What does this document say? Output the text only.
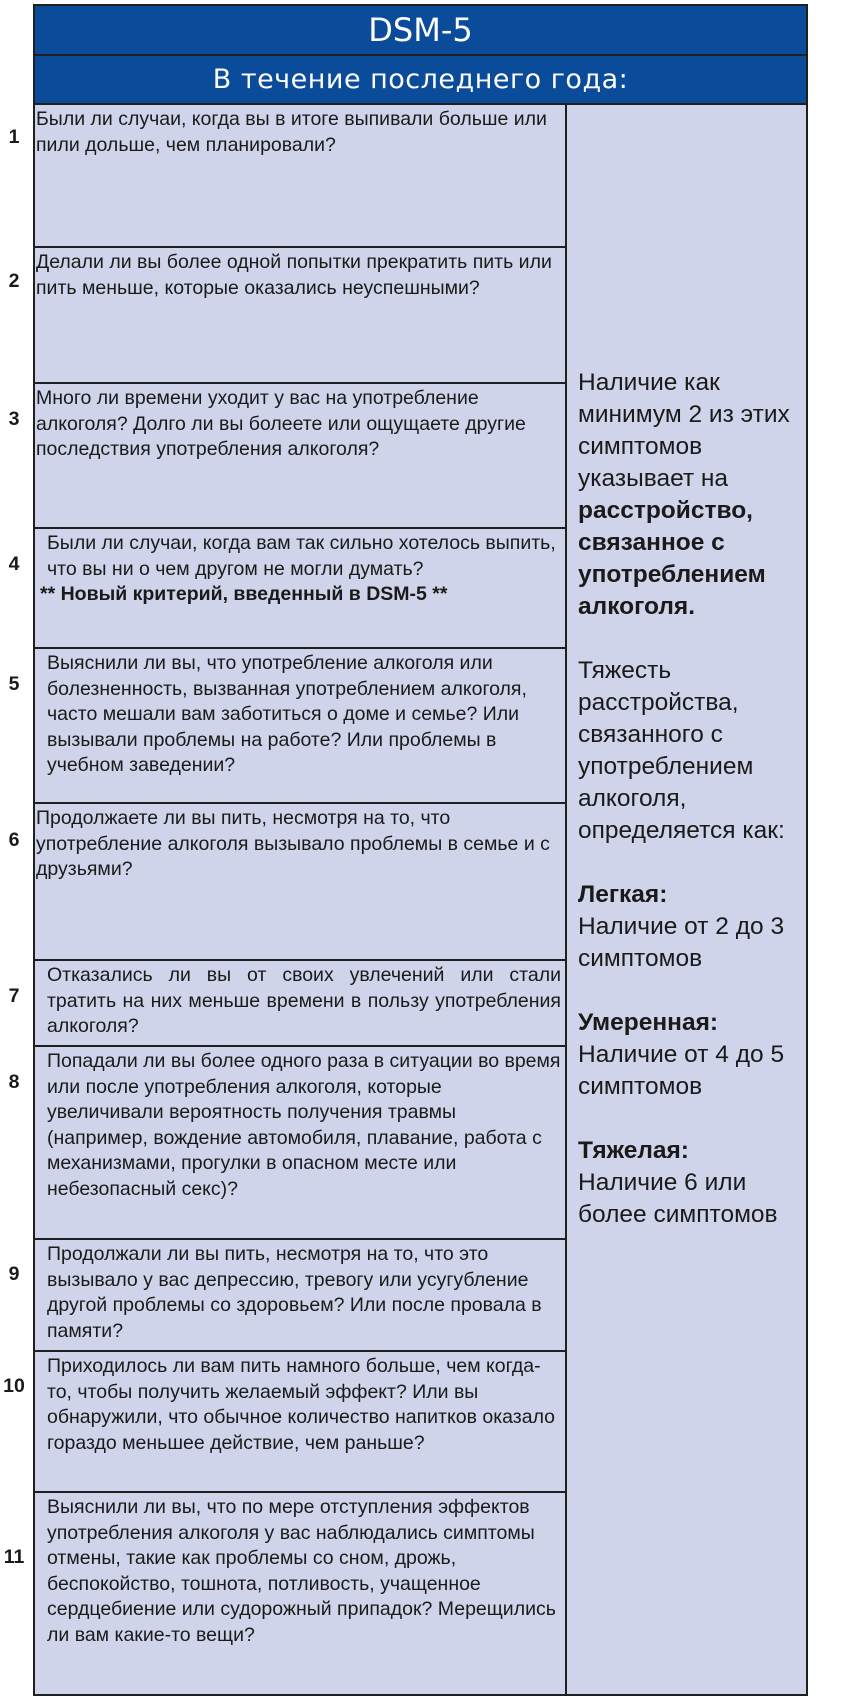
1
2
3
4
5
6
7
8
9
10
11
DSM-5
В течение последнего года:
Были ли случаи, когда вы в итоге выпивали больше или пили дольше, чем планировали?
Делали ли вы более одной попытки прекратить пить или пить меньше, которые оказались неуспешными?
Много ли времени уходит у вас на употребление алкоголя? Долго ли вы болеете или ощущаете другие последствия употребления алкоголя?
Были ли случаи, когда вам так сильно хотелось выпить, что вы ни о чем другом не могли думать?
** Новый критерий, введенный в DSM-5 **
Выяснили ли вы, что употребление алкоголя или болезненность, вызванная употреблением алкоголя, часто мешали вам заботиться о доме и семье? Или вызывали проблемы на работе? Или проблемы в учебном заведении?
Продолжаете ли вы пить, несмотря на то, что употребление алкоголя вызывало проблемы в семье и с друзьями?
Отказались ли вы от своих увлечений или стали тратить на них меньше времени в пользу употребления алкоголя?
Попадали ли вы более одного раза в ситуации во время или после употребления алкоголя, которые увеличивали вероятность получения травмы (например, вождение автомобиля, плавание, работа с механизмами, прогулки в опасном месте или небезопасный секс)?
Продолжали ли вы пить, несмотря на то, что это вызывало у вас депрессию, тревогу или усугубление другой проблемы со здоровьем? Или после провала в памяти?
Приходилось ли вам пить намного больше, чем когда-то, чтобы получить желаемый эффект? Или вы обнаружили, что обычное количество напитков оказало гораздо меньшее действие, чем раньше?
Выяснили ли вы, что по мере отступления эффектов употребления алкоголя у вас наблюдались симптомы отмены, такие как проблемы со сном, дрожь, беспокойство, тошнота, потливость, учащенное сердцебиение или судорожный припадок? Мерещились ли вам какие-то вещи?

Наличие как минимум 2 из этих симптомов указывает на расстройство, связанное с употреблением алкоголя.

Тяжесть расстройства, связанного с употреблением алкоголя, определяется как:

Легкая:
Наличие от 2 до 3 симптомов

Умеренная:
Наличие от 4 до 5 симптомов

Тяжелая:
Наличие 6 или более симптомов
